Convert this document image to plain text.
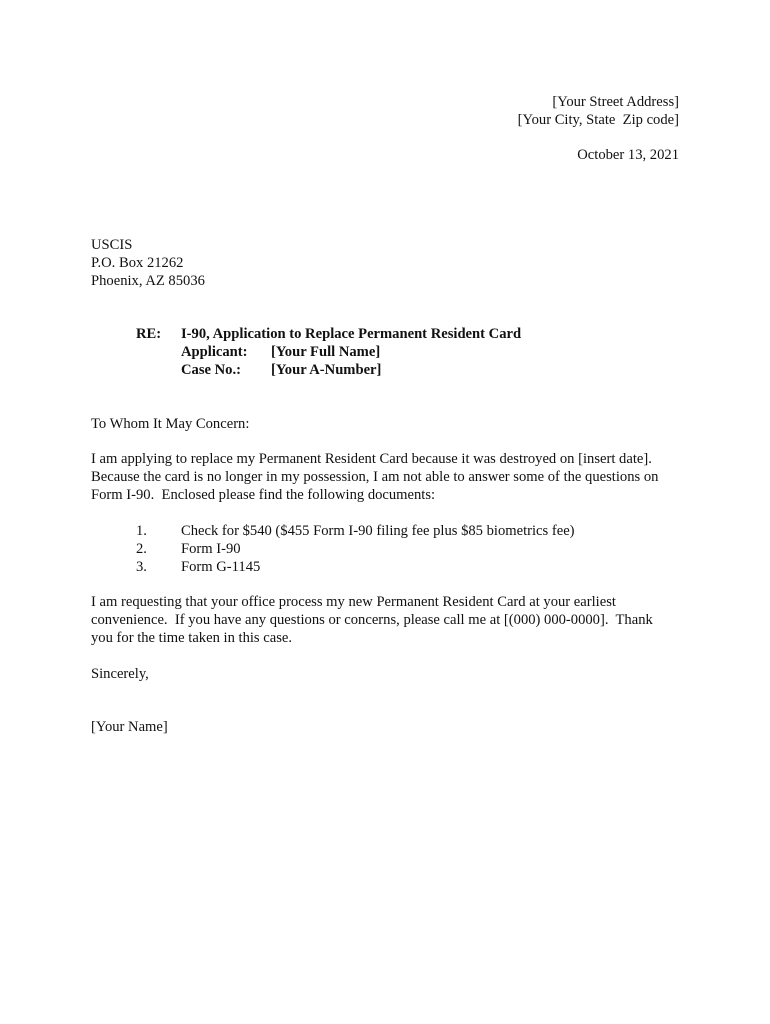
[Your Street Address]
[Your City, State  Zip code]
October 13, 2021
USCIS
P.O. Box 21262
Phoenix, AZ 85036
RE: I-90, Application to Replace Permanent Resident Card
Applicant: [Your Full Name]
Case No.: [Your A-Number]
To Whom It May Concern:
I am applying to replace my Permanent Resident Card because it was destroyed on [insert date].
Because the card is no longer in my possession, I am not able to answer some of the questions on
Form I-90.  Enclosed please find the following documents:
1. Check for $540 ($455 Form I-90 filing fee plus $85 biometrics fee)
2. Form I-90
3. Form G-1145
I am requesting that your office process my new Permanent Resident Card at your earliest
convenience.  If you have any questions or concerns, please call me at [(000) 000-0000].  Thank
you for the time taken in this case.
Sincerely,
[Your Name]
